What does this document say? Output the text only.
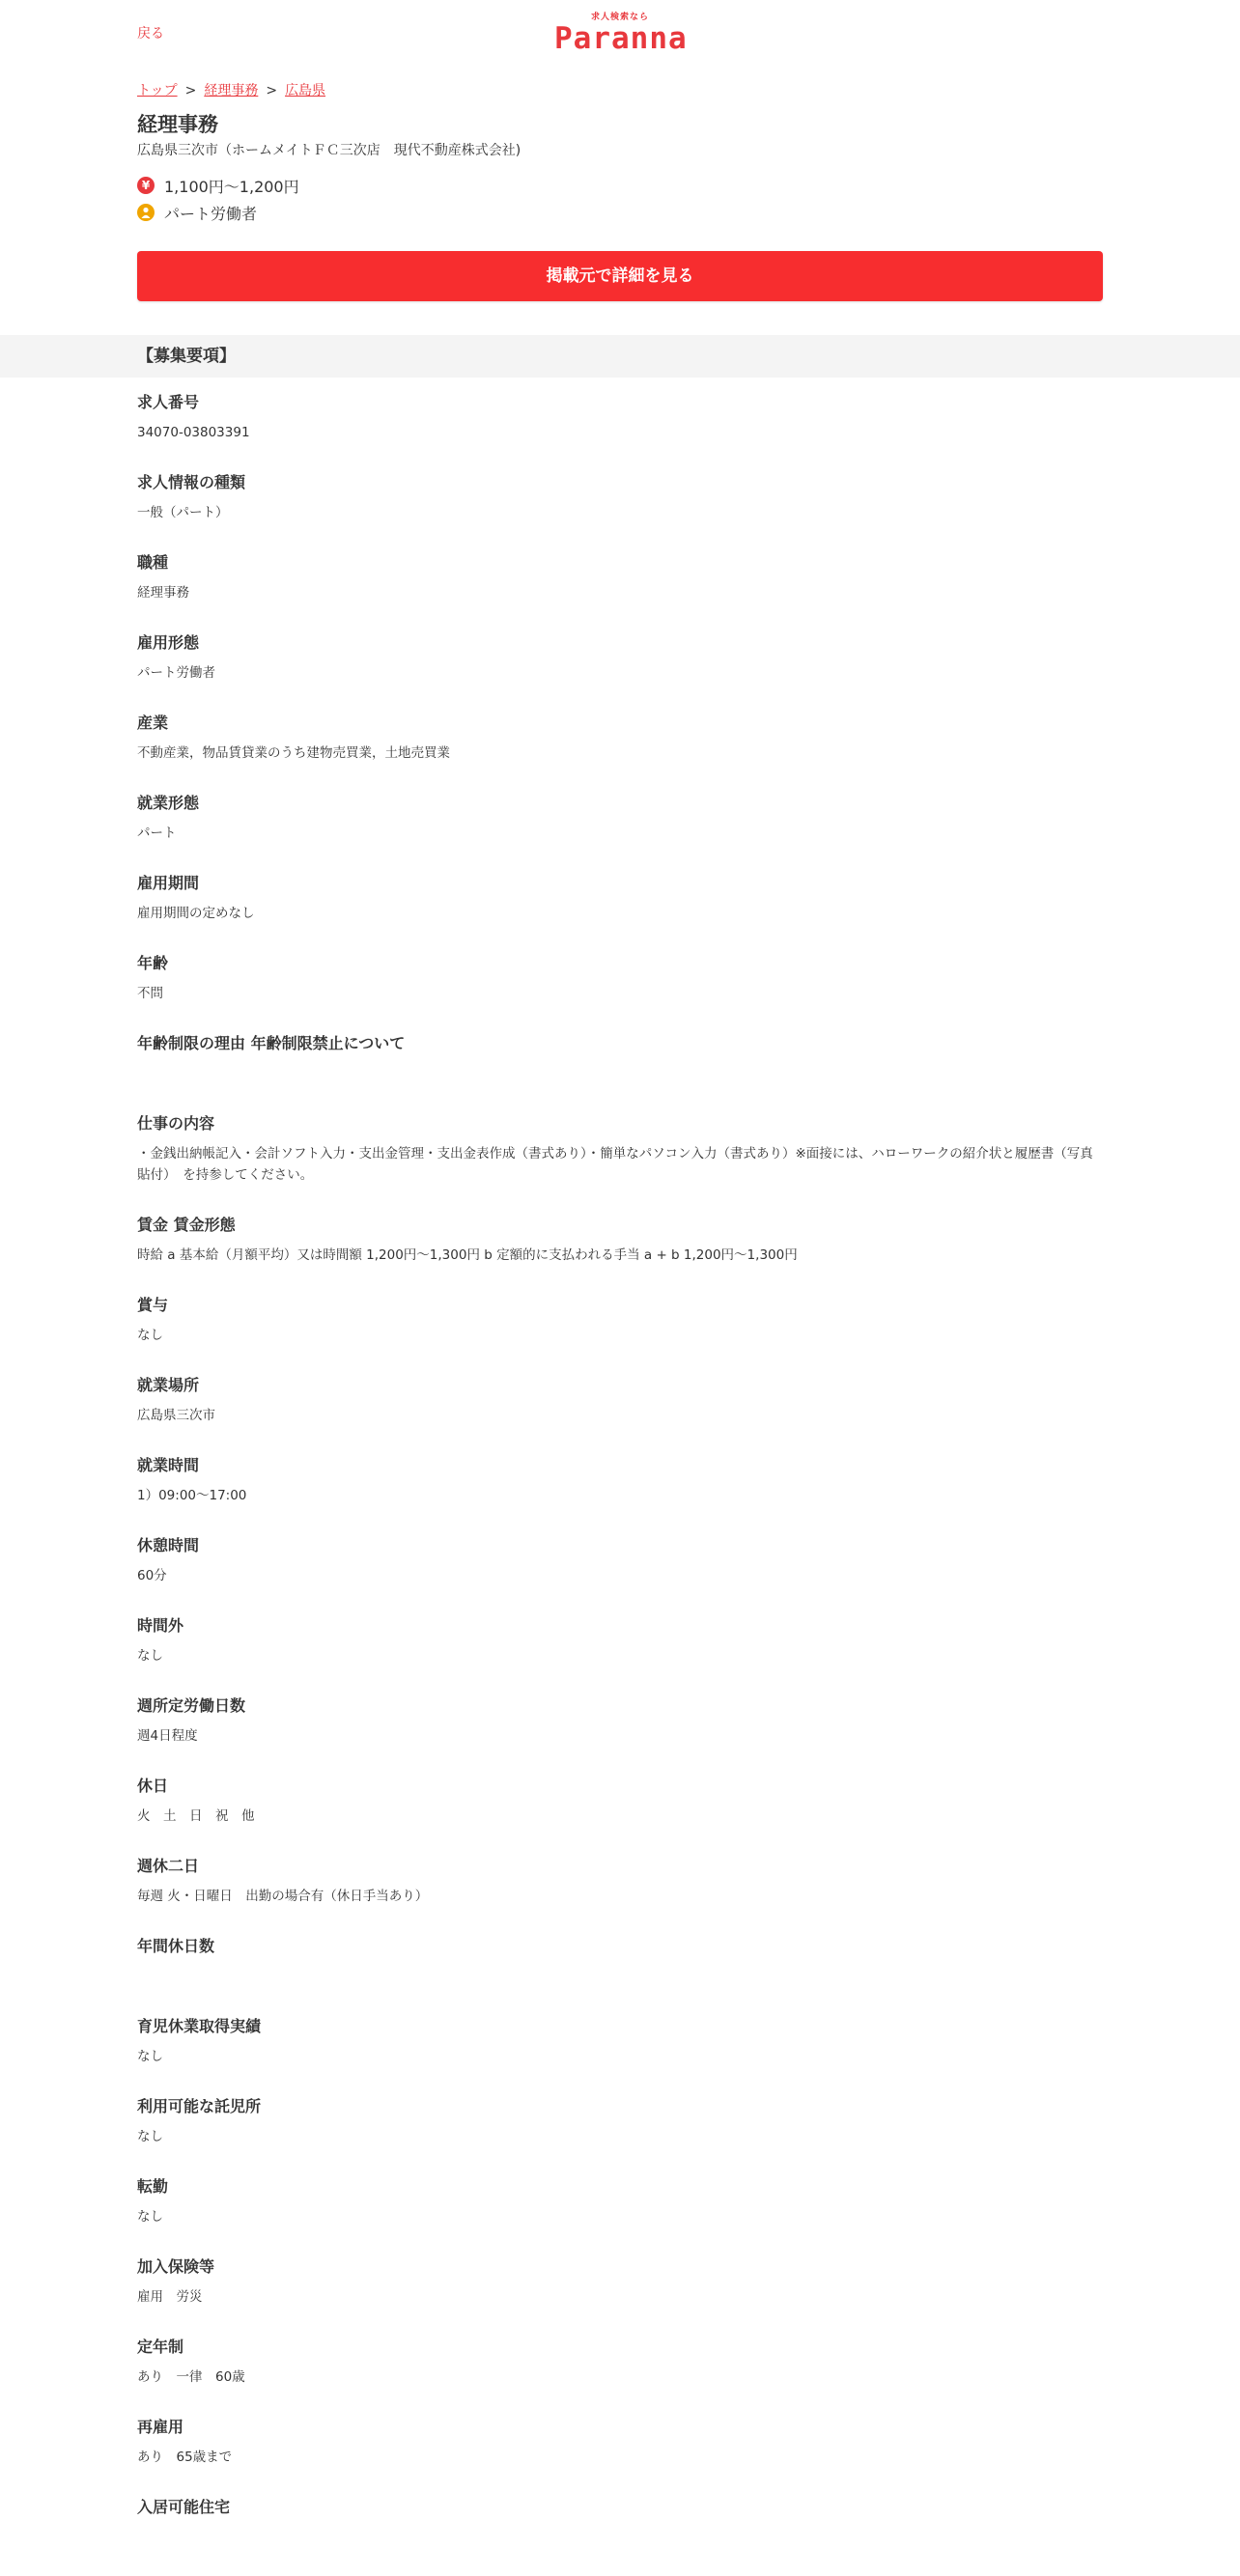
戻る
求人検索なら
Paranna
トップ > 経理事務 > 広島県
経理事務
広島県三次市（ホームメイトＦＣ三次店　現代不動産株式会社)
¥ 1,100円～1,200円
パート労働者
掲載元で詳細を見る
【募集要項】
求人番号
34070-03803391
求人情報の種類
一般（パート）
職種
経理事務
雇用形態
パート労働者
産業
不動産業，物品賃貸業のうち建物売買業，土地売買業
就業形態
パート
雇用期間
雇用期間の定めなし
年齢
不問
年齢制限の理由 年齢制限禁止について
仕事の内容
・金銭出納帳記入・会計ソフト入力・支出金管理・支出金表作成（書式あり）・簡単なパソコン入力（書式あり）※面接には、ハローワークの紹介状と履歴書（写真貼付）　を持参してください。
賃金 賃金形態
時給 a 基本給（月額平均）又は時間額 1,200円～1,300円 b 定額的に支払われる手当 a + b 1,200円～1,300円
賞与
なし
就業場所
広島県三次市
就業時間
1）09:00～17:00
休憩時間
60分
時間外
なし
週所定労働日数
週4日程度
休日
火　土　日　祝　他
週休二日
毎週 火・日曜日　出勤の場合有（休日手当あり）
年間休日数
育児休業取得実績
なし
利用可能な託児所
なし
転勤
なし
加入保険等
雇用　労災
定年制
あり　一律　60歳
再雇用
あり　65歳まで
入居可能住宅
